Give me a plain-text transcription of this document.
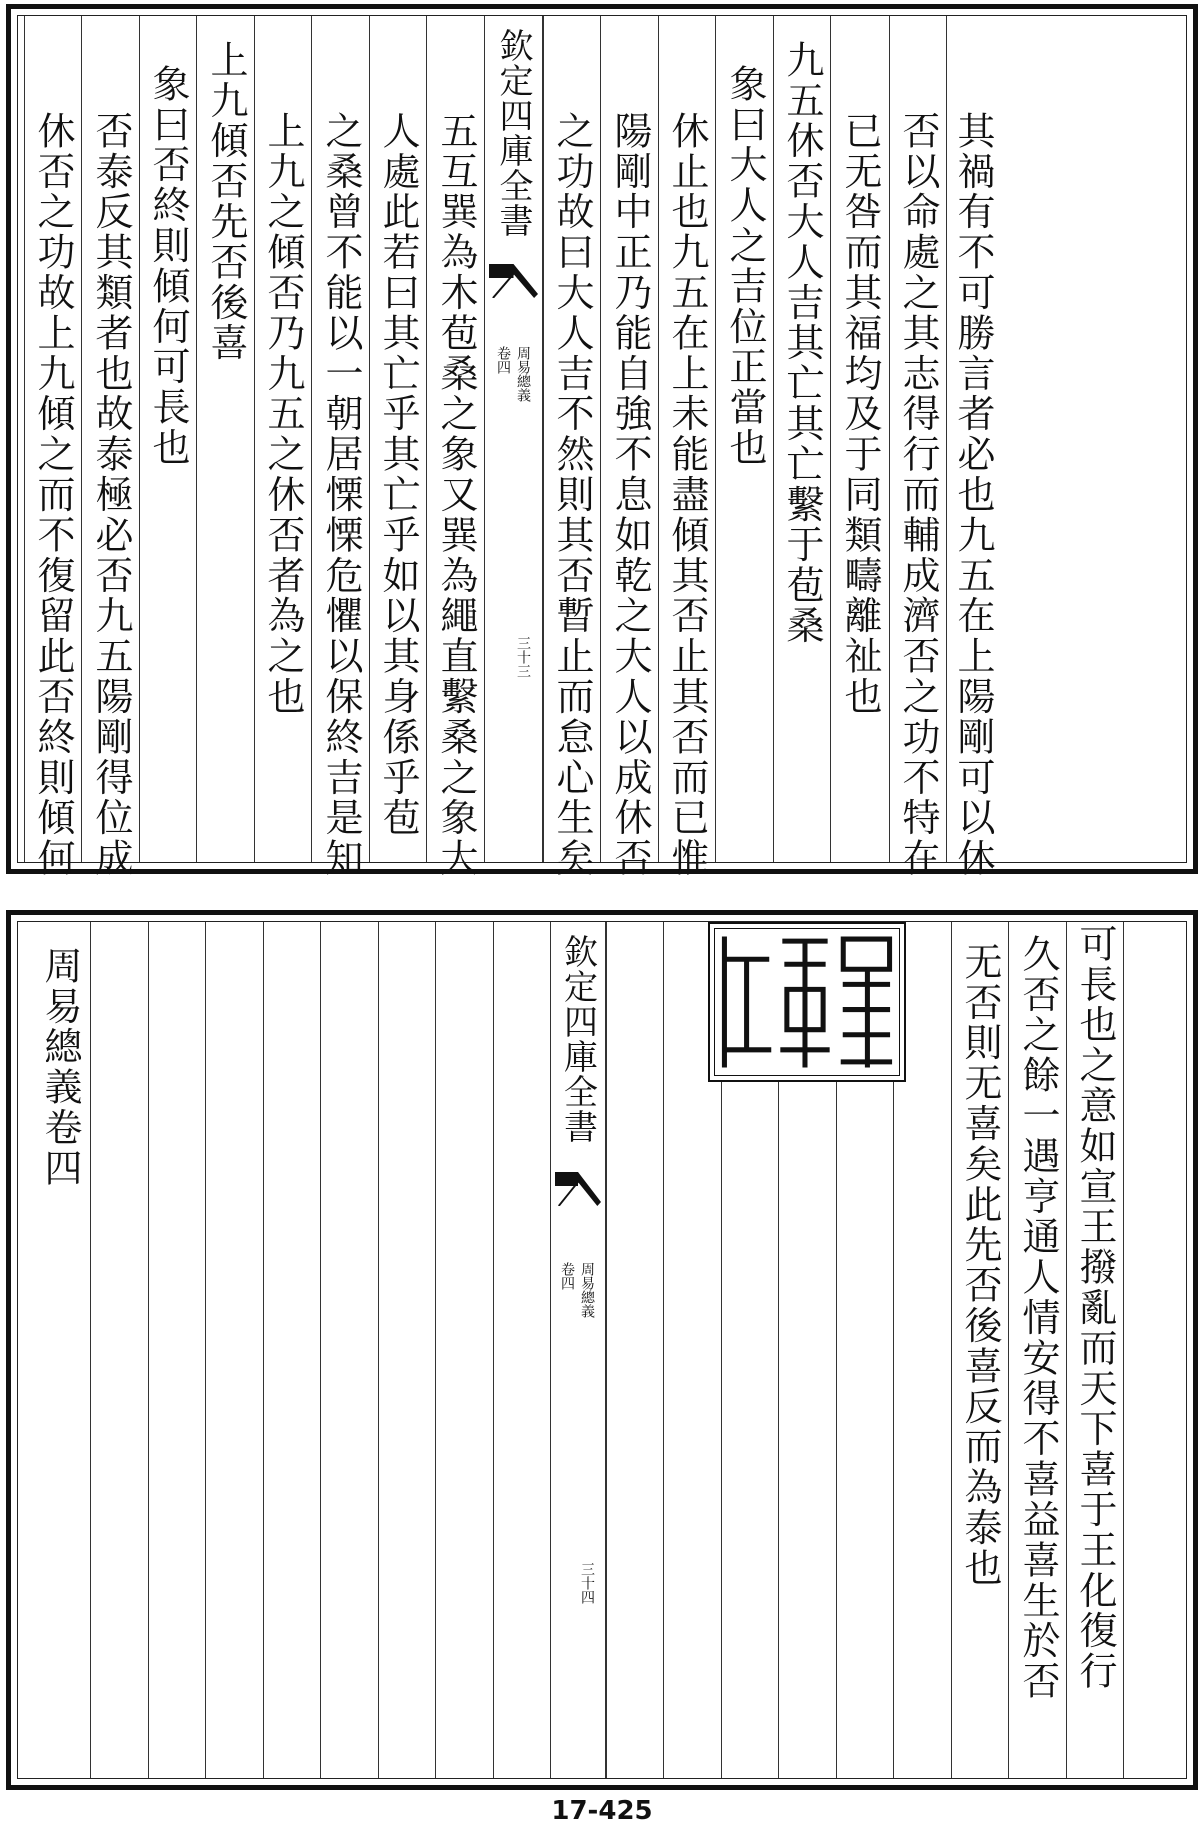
其禍有不可勝言者必也九五在上陽剛可以休
否以命處之其志得行而輔成濟否之功不特在
已无咎而其福均及于同類疇離祉也
九五休否大人吉其亡其亡繫于苞桑
象曰大人之吉位正當也
休止也九五在上未能盡傾其否止其否而已惟
陽剛中正乃能自強不息如乾之大人以成休否
之功故曰大人吉不然則其否暫止而怠心生矣
欽定四庫全書
卷四 周易總義
三十三
五互巽為木苞桑之象又巽為繩直繫桑之象大
人處此若曰其亡乎其亡乎如以其身係乎苞
之桑曾不能以一朝居慄慄危懼以保終吉是知
上九之傾否乃九五之休否者為之也
上九傾否先否後喜
象曰否終則傾何可長也
否泰反其類者也故泰極必否九五陽剛得位成
休否之功故上九傾之而不復留此否終則傾何
可長也之意如宣王撥亂而天下喜于王化復行
久否之餘一遇亨通人情安得不喜益喜生於否
无否則无喜矣此先否後喜反而為泰也
欽定四庫全書
卷四 周易總義
三十四
周易總義卷四
17-425
